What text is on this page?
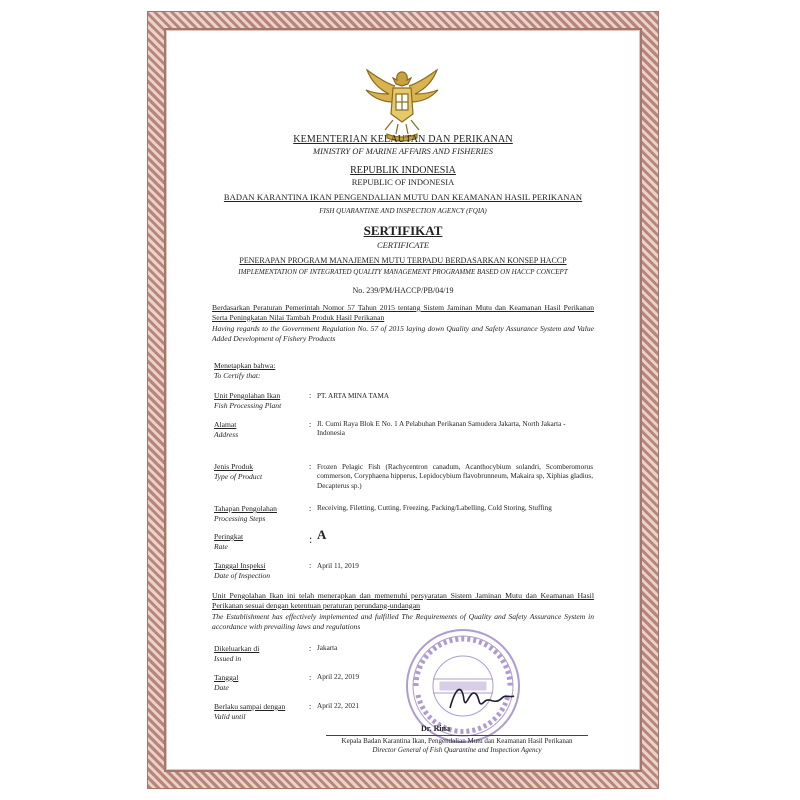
KEMENTERIAN KELAUTAN DAN PERIKANAN
MINISTRY OF MARINE AFFAIRS AND FISHERIES
REPUBLIK INDONESIA
REPUBLIC OF INDONESIA
BADAN KARANTINA IKAN PENGENDALIAN MUTU DAN KEAMANAN HASIL PERIKANAN
FISH QUARANTINE AND INSPECTION AGENCY (FQIA)
SERTIFIKAT
CERTIFICATE
PENERAPAN PROGRAM MANAJEMEN MUTU TERPADU BERDASARKAN KONSEP HACCP
IMPLEMENTATION OF INTEGRATED QUALITY MANAGEMENT PROGRAMME BASED ON HACCP CONCEPT
No. 239/PM/HACCP/PB/04/19
Berdasarkan Peraturan Pemerintah Nomor 57 Tahun 2015 tentang Sistem Jaminan Mutu dan Keamanan Hasil Perikanan Serta Peningkatan Nilai Tambah Produk Hasil Perikanan
Having regards to the Government Regulation No. 57 of 2015 laying down Quality and Safety Assurance System and Value Added Development of Fishery Products
Menetapkan bahwa:
To Certify that:
Unit Pengolahan Ikan
Fish Processing Plant
: PT. ARTA MINA TAMA
Alamat
Address
: Jl. Cumi Raya Blok E No. 1 A Pelabuhan Perikanan Samudera Jakarta, North Jakarta - Indonesia
Jenis Produk
Type of Product
: Frozen Pelagic Fish (Rachycentron canadum, Acanthocybium solandri, Scomberomorus commerson, Coryphaena hipperus, Lepidocybium flavobrunneum, Makaira sp, Xiphias gladius, Decapterus sp.)
Tahapan Pengolahan
Processing Steps
: Receiving, Filetting, Cutting, Freezing, Packing/Labelling, Cold Storing, Stuffing
Peringkat
Rate
: A
Tanggal Inspeksi
Date of Inspection
: April 11, 2019
Unit Pengolahan Ikan ini telah menerapkan dan memenuhi persyaratan Sistem Jaminan Mutu dan Keamanan Hasil Perikanan sesuai dengan ketentuan peraturan perundang-undangan
The Establishment has effectively implemented and fulfilled The Requirements of Quality and Safety Assurance System in accordance with prevailing laws and regulations
Dikeluarkan di
Issued in
: Jakarta
Tanggal
Date
: April 22, 2019
Berlaku sampai dengan
Valid until
: April 22, 2021
Dr. Rina
Kepala Badan Karantina Ikan, Pengendalian Mutu dan Keamanan Hasil Perikanan
Director General of Fish Quarantine and Inspection Agency
